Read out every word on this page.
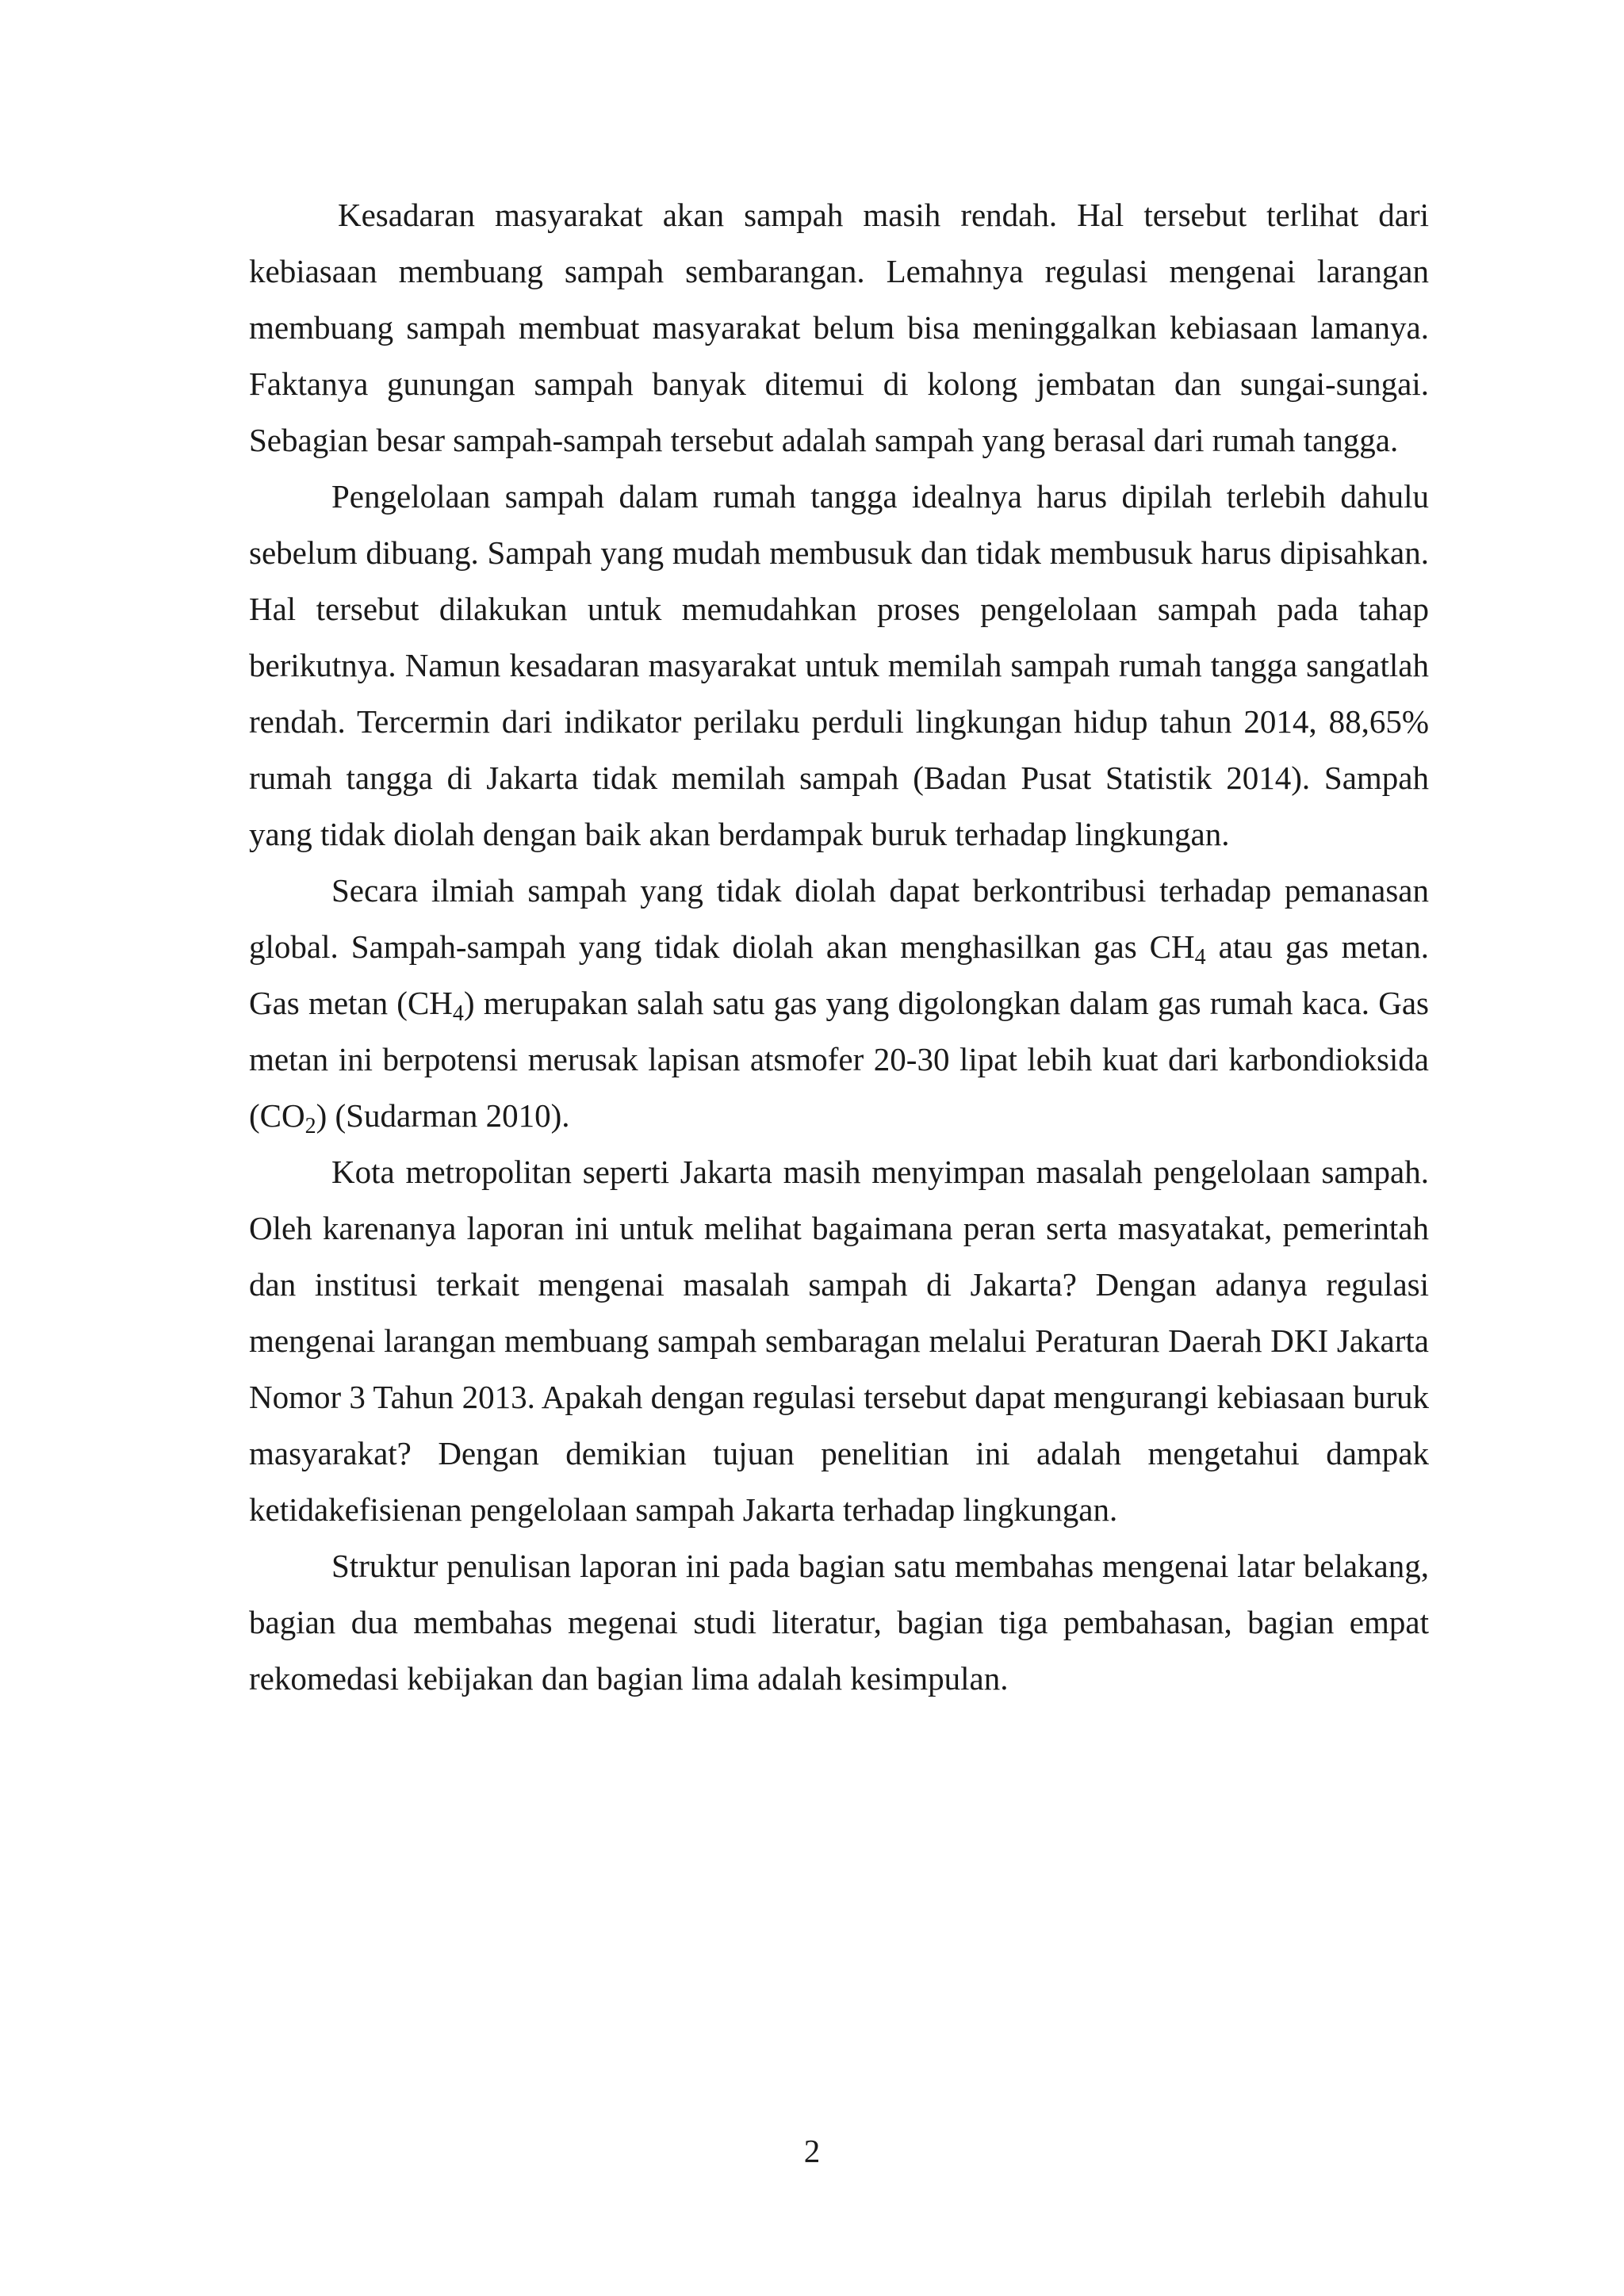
Kesadaran masyarakat akan sampah masih rendah. Hal tersebut terlihat dari kebiasaan membuang sampah sembarangan. Lemahnya regulasi mengenai larangan membuang sampah membuat masyarakat belum bisa meninggalkan kebiasaan lamanya. Faktanya gunungan sampah banyak ditemui di kolong jembatan dan sungai-sungai. Sebagian besar sampah-sampah tersebut adalah sampah yang berasal dari rumah tangga.

Pengelolaan sampah dalam rumah tangga idealnya harus dipilah terlebih dahulu sebelum dibuang. Sampah yang mudah membusuk dan tidak membusuk harus dipisahkan. Hal tersebut dilakukan untuk memudahkan proses pengelolaan sampah pada tahap berikutnya. Namun kesadaran masyarakat untuk memilah sampah rumah tangga sangatlah rendah. Tercermin dari indikator perilaku perduli lingkungan hidup tahun 2014, 88,65% rumah tangga di Jakarta tidak memilah sampah (Badan Pusat Statistik 2014). Sampah yang tidak diolah dengan baik akan berdampak buruk terhadap lingkungan.

Secara ilmiah sampah yang tidak diolah dapat berkontribusi terhadap pemanasan global. Sampah-sampah yang tidak diolah akan menghasilkan gas $CH_4$ atau gas metan. Gas metan $(CH_4)$ merupakan salah satu gas yang digolongkan dalam gas rumah kaca. Gas metan ini berpotensi merusak lapisan atsmofer 20-30 lipat lebih kuat dari karbondioksida $(CO_2)$ (Sudarman 2010).

Kota metropolitan seperti Jakarta masih menyimpan masalah pengelolaan sampah. Oleh karenanya laporan ini untuk melihat bagaimana peran serta masyatakat, pemerintah dan institusi terkait mengenai masalah sampah di Jakarta? Dengan adanya regulasi mengenai larangan membuang sampah sembaragan melalui Peraturan Daerah DKI Jakarta Nomor 3 Tahun 2013. Apakah dengan regulasi tersebut dapat mengurangi kebiasaan buruk masyarakat? Dengan demikian tujuan penelitian ini adalah mengetahui dampak ketidakefisienan pengelolaan sampah Jakarta terhadap lingkungan.

Struktur penulisan laporan ini pada bagian satu membahas mengenai latar belakang, bagian dua membahas megenai studi literatur, bagian tiga pembahasan, bagian empat rekomedasi kebijakan dan bagian lima adalah kesimpulan.

2
